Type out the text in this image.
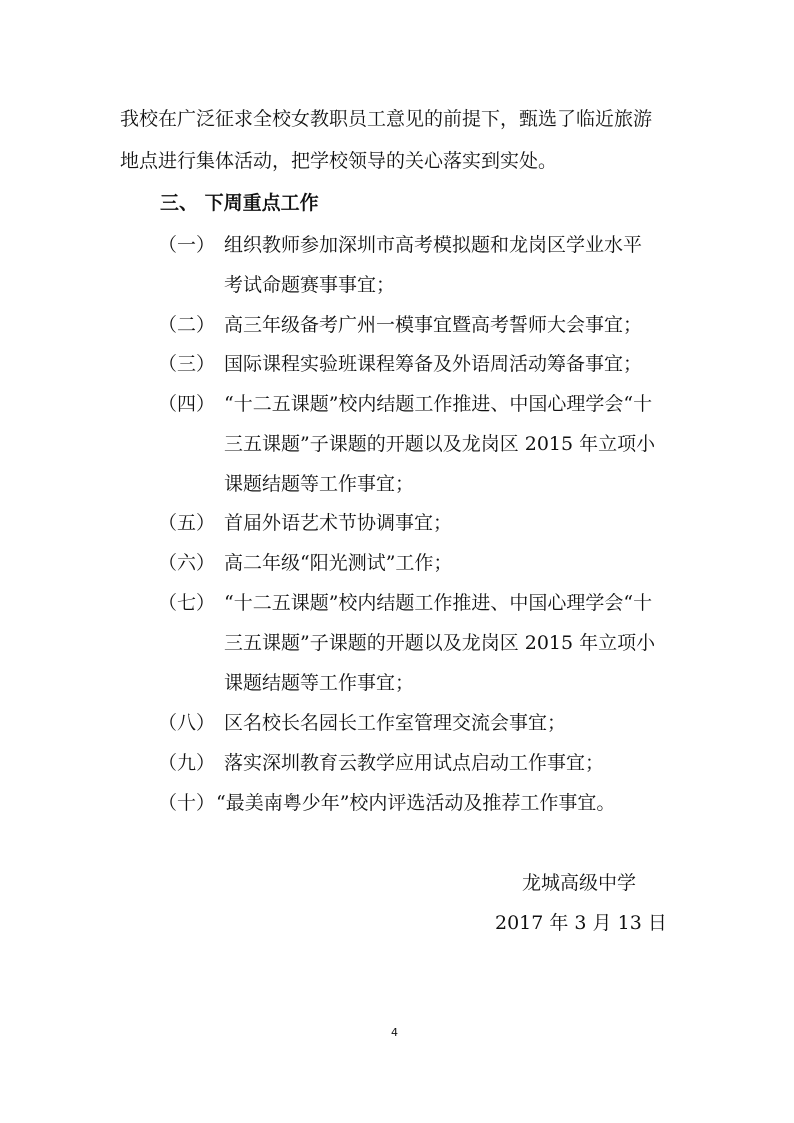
我校在广泛征求全校女教职员工意见的前提下，甄选了临近旅游
地点进行集体活动，把学校领导的关心落实到实处。
三、 下周重点工作
（一） 组织教师参加深圳市高考模拟题和龙岗区学业水平
考试命题赛事事宜；
（二） 高三年级备考广州一模事宜暨高考誓师大会事宜；
（三） 国际课程实验班课程筹备及外语周活动筹备事宜；
（四） “十二五课题”校内结题工作推进、中国心理学会“十
三五课题”子课题的开题以及龙岗区 2015 年立项小
课题结题等工作事宜；
（五） 首届外语艺术节协调事宜；
（六） 高二年级“阳光测试”工作；
（七） “十二五课题”校内结题工作推进、中国心理学会“十
三五课题”子课题的开题以及龙岗区 2015 年立项小
课题结题等工作事宜；
（八） 区名校长名园长工作室管理交流会事宜；
（九） 落实深圳教育云教学应用试点启动工作事宜；
（十） “最美南粤少年”校内评选活动及推荐工作事宜。
龙城高级中学
2017 年 3 月 13 日
4
